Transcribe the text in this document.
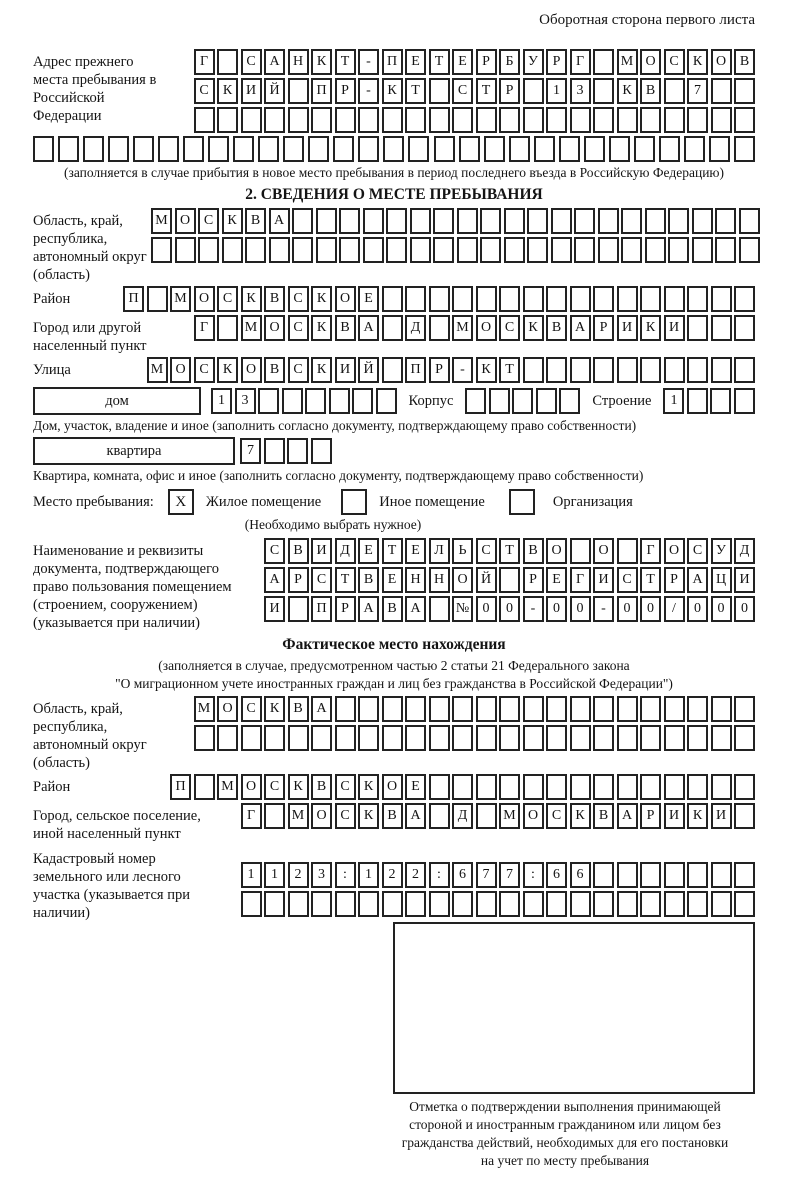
Оборотная сторона первого листа
Адрес прежнего места пребывания в Российской Федерации
Г	С А Н К	Т	-	П	Е	Т	Е	Р	Б	У	Р	Г	М О С	К О В
С	К И Й	П	Р	-	К	Т	С	Т	Р	1	3	К	В	7
(заполняется в случае прибытия в новое место пребывания в период последнего въезда в Российскую Федерацию)
2. СВЕДЕНИЯ О МЕСТЕ ПРЕБЫВАНИЯ
Область, край, республика, автономный округ (область)
М О С	К	В А
Район	П	М О С	К	В	С	К О	Е
Город или другой населенный пункт
Г	М О С	К	В А	Д	М О С	К	В А	Р	И К И
Улица	М О С	К О В	С	К И Й	П	Р	-	К	Т
дом	1	3	Корпус	Строение	1
Дом, участок, владение и иное (заполнить согласно документу, подтверждающему право собственности)
квартира	7
Квартира, комната, офис и иное (заполнить согласно документу, подтверждающему право собственности)
Место пребывания:	X	Жилое помещение	Иное помещение	Организация
(Необходимо выбрать нужное)
Наименование и реквизиты документа, подтверждающего право пользования помещением (строением, сооружением) (указывается при наличии)
С	В И Д	Е	Т	Е	Л	Ь	С	Т	В О	О	Г	О С У Д
А	Р	С	Т	В	Е	Н Н О Й	Р	Е	Г	И С	Т	Р	А Ц И
И	П	Р	А В А	№ 0	0	-	0	0	-	0	0	/	0	0	0
Фактическое место нахождения
(заполняется в случае, предусмотренном частью 2 статьи 21 Федерального закона
"О миграционном учете иностранных граждан и лиц без гражданства в Российской Федерации")
Область, край, республика, автономный округ (область)
М О С	К	В А
Район	П	М О С	К	В	С	К О	Е
Город, сельское поселение, иной населенный пункт
Г	М О С	К	В А	Д	М О С	К	В А	Р	И К И
Кадастровый номер земельного или лесного участка (указывается при наличии)
1	1	2	3	:	1	2	2	:	6	7	7	:	6	6
Отметка о подтверждении выполнения принимающей
стороной и иностранным гражданином или лицом без
гражданства действий, необходимых для его постановки
на учет по месту пребывания
